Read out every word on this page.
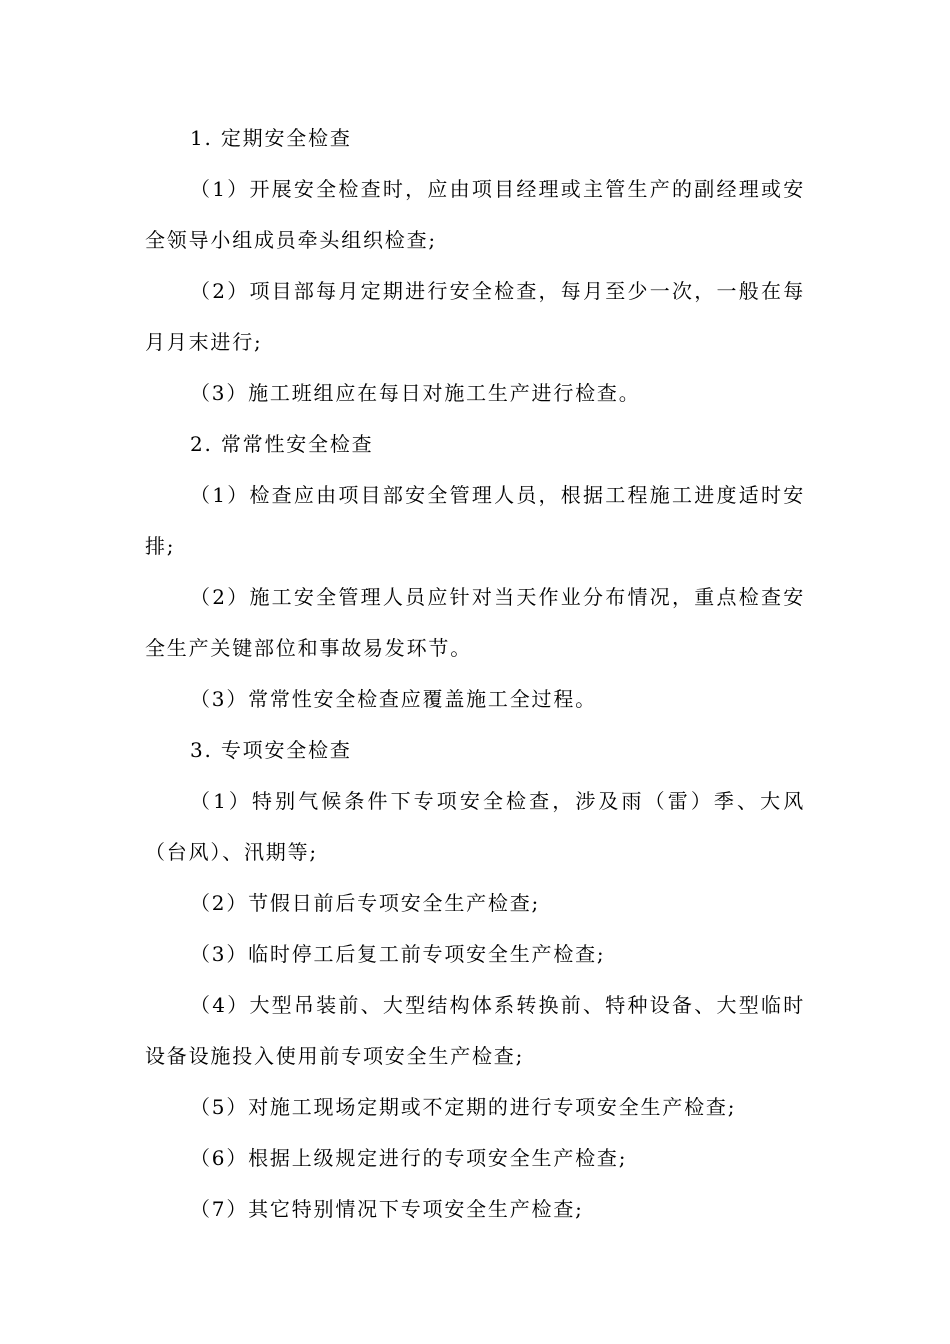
1. 定期安全检查

（1）开展安全检查时，应由项目经理或主管生产的副经理或安全领导小组成员牵头组织检查;

（2）项目部每月定期进行安全检查，每月至少一次，一般在每月月末进行;

（3）施工班组应在每日对施工生产进行检查。

2. 常常性安全检查

（1）检查应由项目部安全管理人员，根据工程施工进度适时安排;

（2）施工安全管理人员应针对当天作业分布情况，重点检查安全生产关键部位和事故易发环节。

（3）常常性安全检查应覆盖施工全过程。

3. 专项安全检查

（1）特别气候条件下专项安全检查，涉及雨（雷）季、大风（台风）、汛期等;

（2）节假日前后专项安全生产检查;

（3）临时停工后复工前专项安全生产检查;

（4）大型吊装前、大型结构体系转换前、特种设备、大型临时设备设施投入使用前专项安全生产检查;

（5）对施工现场定期或不定期的进行专项安全生产检查;

（6）根据上级规定进行的专项安全生产检查;

（7）其它特别情况下专项安全生产检查;
